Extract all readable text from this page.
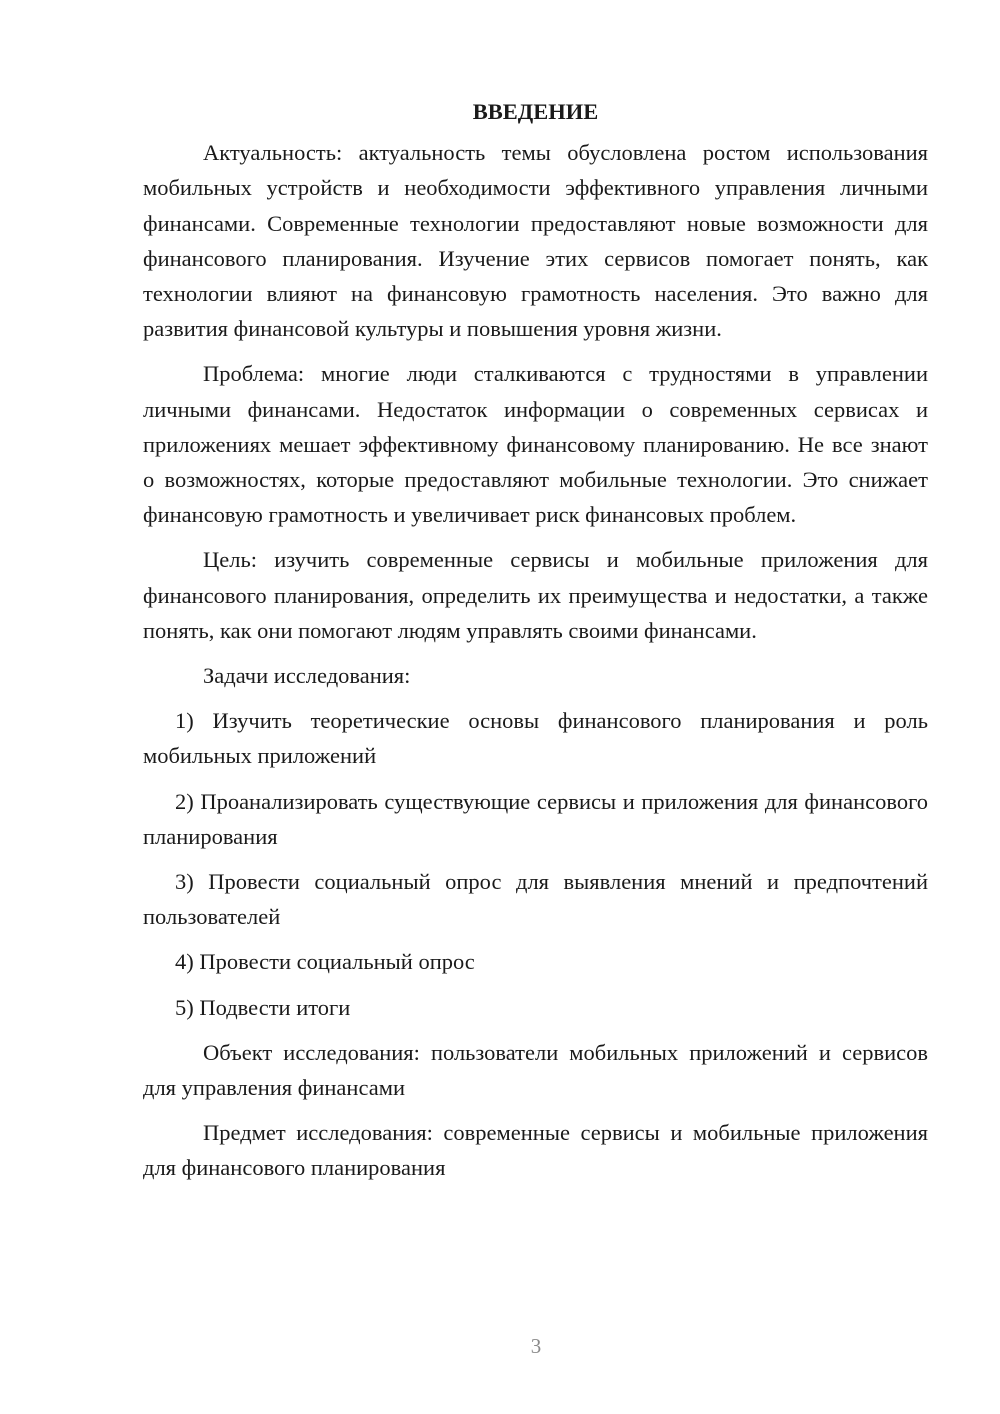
ВВЕДЕНИЕ

Актуальность: актуальность темы обусловлена ростом использования мобильных устройств и необходимости эффективного управления личными финансами. Современные технологии предоставляют новые возможности для финансового планирования. Изучение этих сервисов помогает понять, как технологии влияют на финансовую грамотность населения. Это важно для развития финансовой культуры и повышения уровня жизни.

Проблема: многие люди сталкиваются с трудностями в управлении личными финансами. Недостаток информации о современных сервисах и приложениях мешает эффективному финансовому планированию. Не все знают о возможностях, которые предоставляют мобильные технологии. Это снижает финансовую грамотность и увеличивает риск финансовых проблем.

Цель: изучить современные сервисы и мобильные приложения для финансового планирования, определить их преимущества и недостатки, а также понять, как они помогают людям управлять своими финансами.

Задачи исследования:

1) Изучить теоретические основы финансового планирования и роль мобильных приложений

2) Проанализировать существующие сервисы и приложения для финансового планирования

3) Провести социальный опрос для выявления мнений и предпочтений пользователей

4) Провести социальный опрос

5) Подвести итоги

Объект исследования: пользователи мобильных приложений и сервисов для управления финансами

Предмет исследования: современные сервисы и мобильные приложения для финансового планирования

3
